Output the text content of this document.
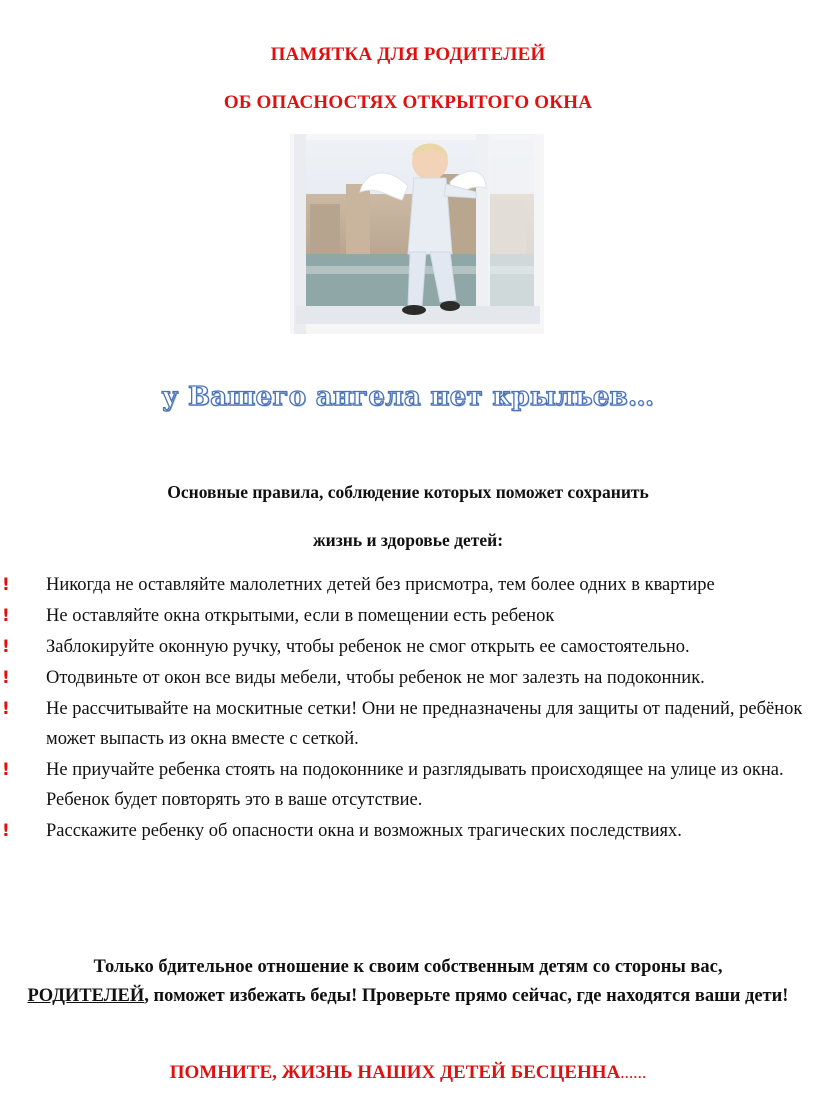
ПАМЯТКА ДЛЯ РОДИТЕЛЕЙ
ОБ ОПАСНОСТЯХ ОТКРЫТОГО ОКНА
у Вашего ангела нет крыльев…
Основные правила, соблюдение которых поможет сохранить
жизнь и здоровье детей:
! Никогда не оставляйте малолетних детей без присмотра, тем более одних в квартире
! Не оставляйте окна открытыми, если в помещении есть ребенок
! Заблокируйте оконную ручку, чтобы ребенок не смог открыть ее самостоятельно.
! Отодвиньте от окон все виды мебели, чтобы ребенок не мог залезть на подоконник.
! Не рассчитывайте на москитные сетки! Они не предназначены для защиты от падений, ребёнок может выпасть из окна вместе с сеткой.
! Не приучайте ребенка стоять на подоконнике и разглядывать происходящее на улице из окна. Ребенок будет повторять это в ваше отсутствие.
! Расскажите ребенку об опасности окна и возможных трагических последствиях.
Только бдительное отношение к своим собственным детям со стороны вас,
РОДИТЕЛЕЙ, поможет избежать беды! Проверьте прямо сейчас, где находятся ваши дети!
ПОМНИТЕ, ЖИЗНЬ НАШИХ ДЕТЕЙ БЕСЦЕННА……
